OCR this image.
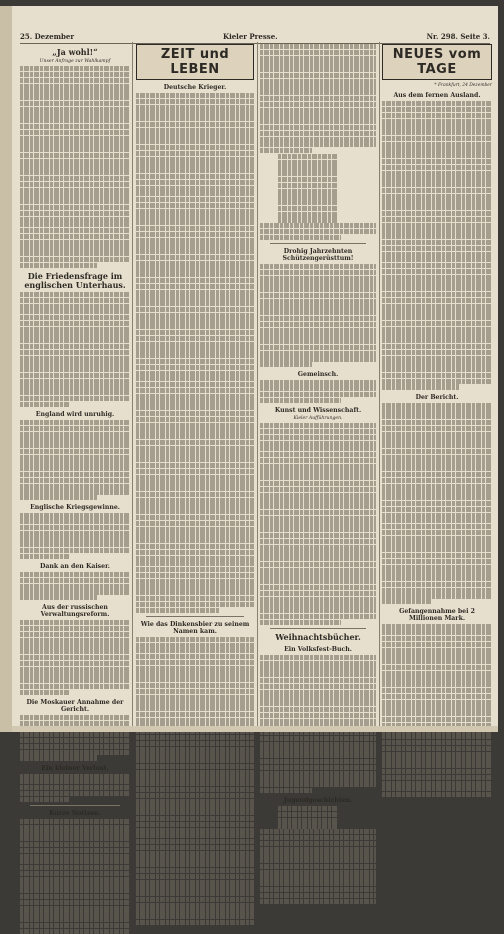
25. Dezember	Kieler Presse.	Nr. 298. Seite 3.
„Ja wohl!“
Unser Anfrage zur Wahlkampf
Die Friedensfrage im englischen Unterhaus.
England wird unruhig.
Englische Kriegsgewinne.
Dank an den Kaiser.
Aus der russischen Verwaltungsreform.
Die Moskauer Annahme der Gericht.
Ein kleiner Verlust.
Kurze Notizen.
ZEIT und LEBEN
Deutsche Krieger.
Wie das Dinkensbier zu seinem Namen kam.
Drohig Jahrzehnten Schützengerüsttum!
Gemeinsch.
Kunst und Wissenschaft.
Kieler Aufführungen.
Weihnachtsbücher.
Ein Volksfest-Buch.
Jugendgeschichten.
NEUES vom TAGE
* Frankfurt, 24 Dezember
Aus dem fernen Ausland.
Der Bericht.
Gefangennahme bei 2 Millionen Mark.
